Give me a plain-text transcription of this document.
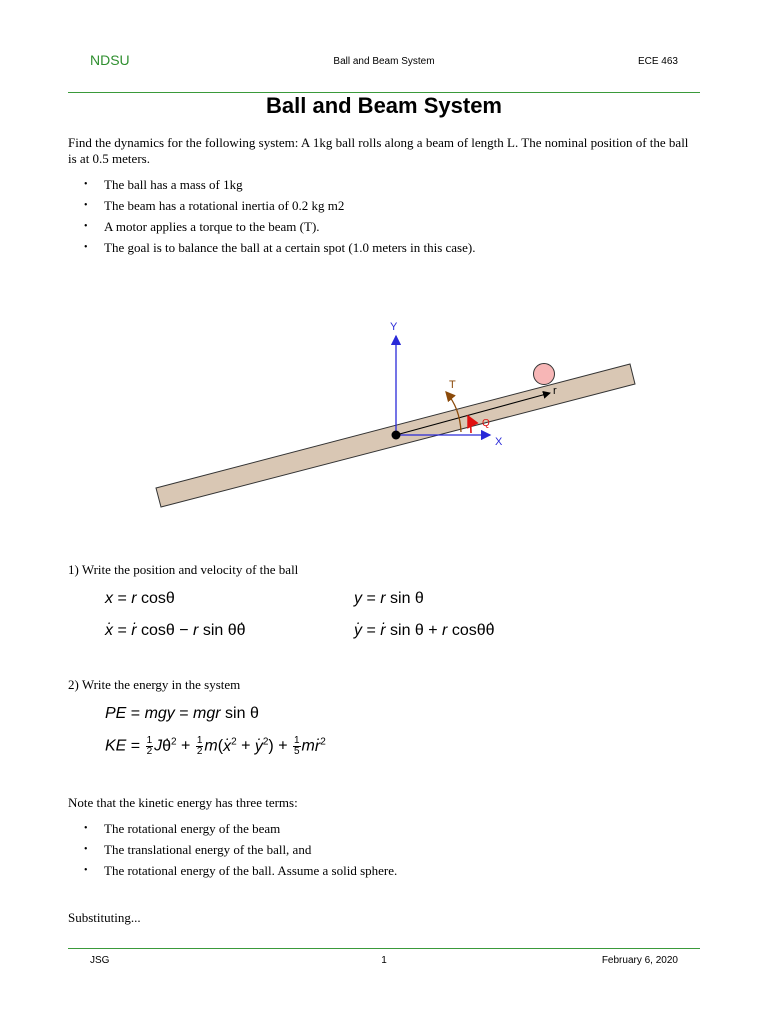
NDSU	Ball and Beam System	ECE 463
Ball and Beam System
Find the dynamics for the following system: A 1kg ball rolls along a beam of length L. The nominal position of the ball is at 0.5 meters.
• The ball has a mass of 1kg
• The beam has a rotational inertia of 0.2 kg m2
• A motor applies a torque to the beam (T).
• The goal is to balance the ball at a certain spot (1.0 meters in this case).
Y
X
T	r
Q
1) Write the position and velocity of the ball
x = r cosθ	y = r sin θ
x . = r . cosθ − r sin θθ .	y . = r . sin θ + r cosθθ .
2) Write the energy in the system
PE = mgy = mgr sin θ
KE = $\frac{1}{2}$ Jθ $.^2 + \frac{1}{2} m(x$ .$^2$ + y $.^2) + \frac{1}{5}$ mr .$^2$
Note that the kinetic energy has three terms:
• The rotational energy of the beam
• The translational energy of the ball, and
• The rotational energy of the ball. Assume a solid sphere.
Substituting...
JSG	1	February 6, 2020
